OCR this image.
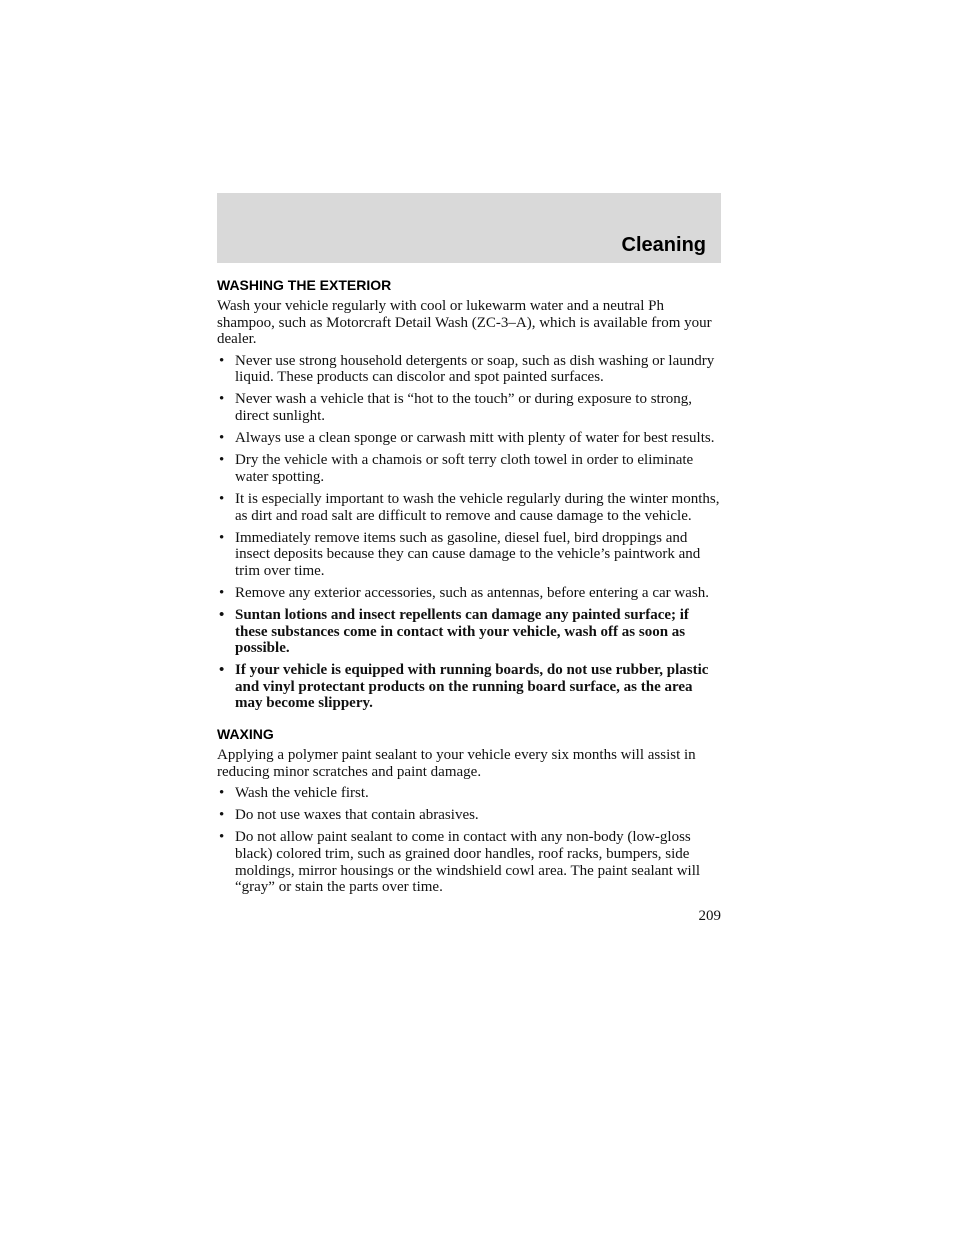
Cleaning
WASHING THE EXTERIOR

Wash your vehicle regularly with cool or lukewarm water and a neutral Ph shampoo, such as Motorcraft Detail Wash (ZC-3–A), which is available from your dealer.

• Never use strong household detergents or soap, such as dish washing or laundry liquid. These products can discolor and spot painted surfaces.
• Never wash a vehicle that is “hot to the touch” or during exposure to strong, direct sunlight.
• Always use a clean sponge or carwash mitt with plenty of water for best results.
• Dry the vehicle with a chamois or soft terry cloth towel in order to eliminate water spotting.
• It is especially important to wash the vehicle regularly during the winter months, as dirt and road salt are difficult to remove and cause damage to the vehicle.
• Immediately remove items such as gasoline, diesel fuel, bird droppings and insect deposits because they can cause damage to the vehicle’s paintwork and trim over time.
• Remove any exterior accessories, such as antennas, before entering a car wash.
• Suntan lotions and insect repellents can damage any painted surface; if these substances come in contact with your vehicle, wash off as soon as possible.
• If your vehicle is equipped with running boards, do not use rubber, plastic and vinyl protectant products on the running board surface, as the area may become slippery.
WAXING

Applying a polymer paint sealant to your vehicle every six months will assist in reducing minor scratches and paint damage.

• Wash the vehicle first.
• Do not use waxes that contain abrasives.
• Do not allow paint sealant to come in contact with any non-body (low-gloss black) colored trim, such as grained door handles, roof racks, bumpers, side moldings, mirror housings or the windshield cowl area. The paint sealant will “gray” or stain the parts over time.
209
